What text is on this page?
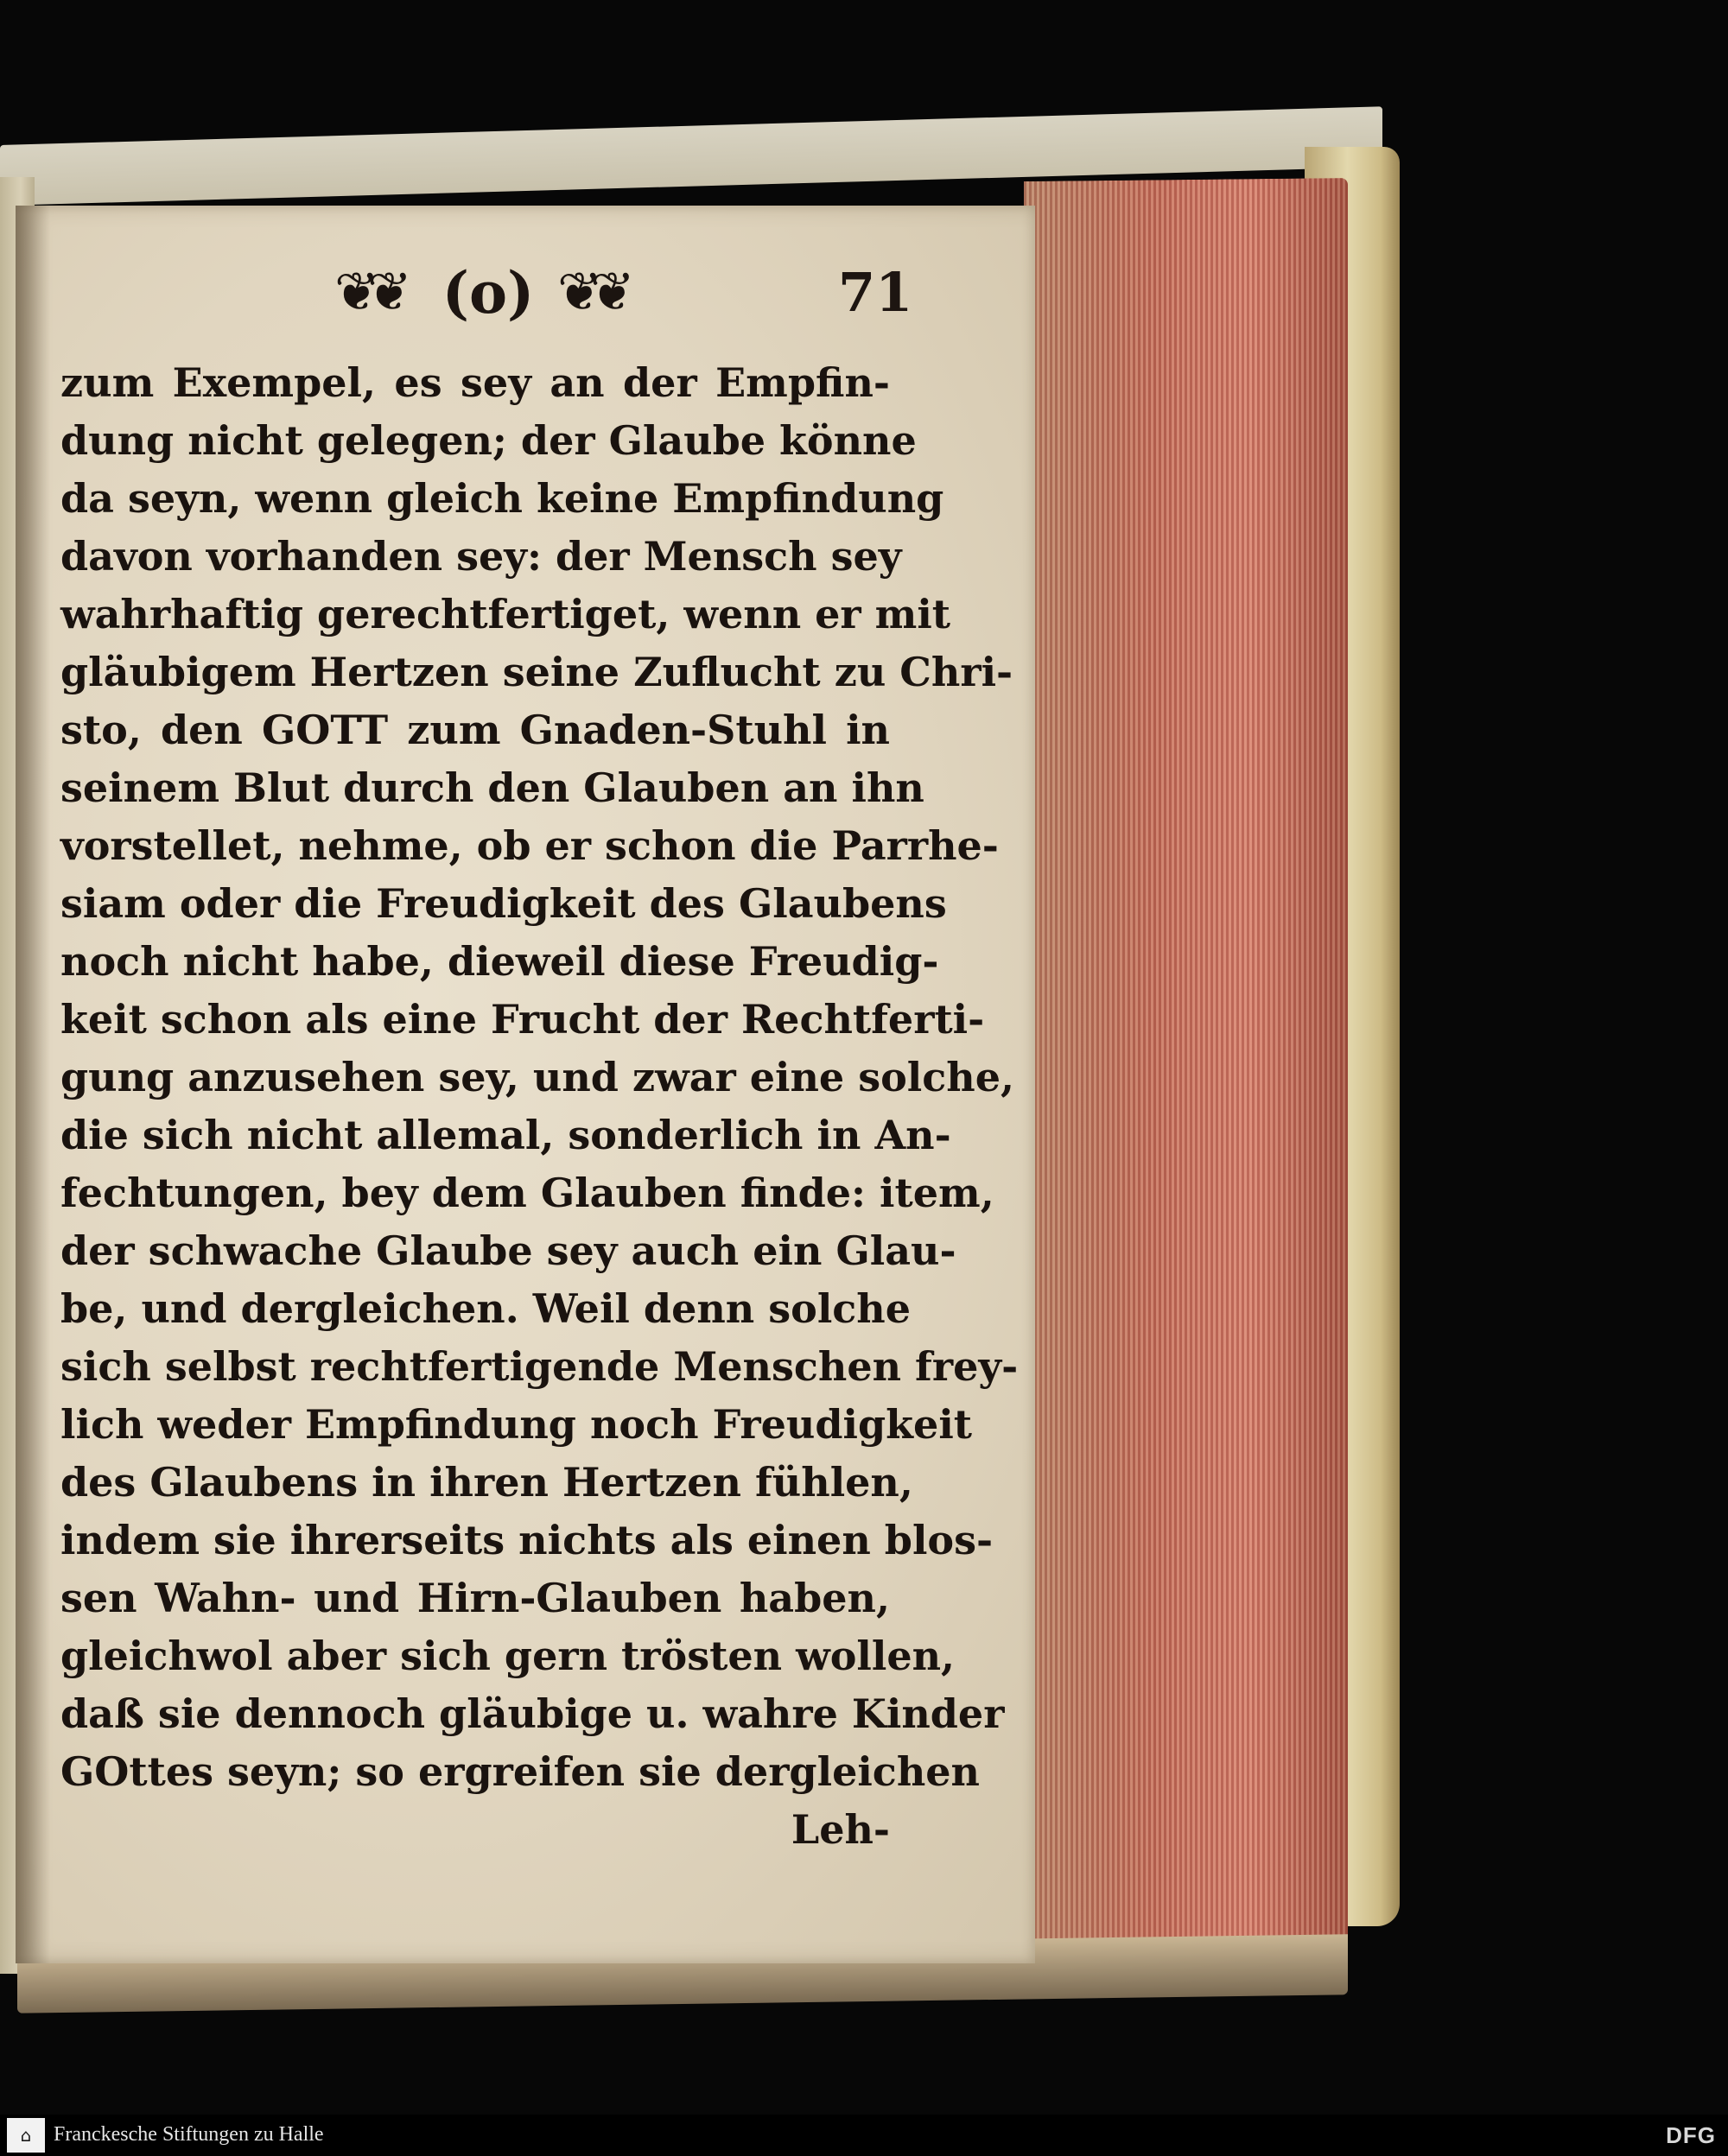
❦❦ (o) ❦❦	71
zum Exempel, es sey an der Empfin-
dung nicht gelegen; der Glaube könne
da seyn, wenn gleich keine Empfindung
davon vorhanden sey: der Mensch sey
wahrhaftig gerechtfertiget, wenn er mit
gläubigem Hertzen seine Zuflucht zu Chri-
sto, den GOTT zum Gnaden-Stuhl in
seinem Blut durch den Glauben an ihn
vorstellet, nehme, ob er schon die Parrhe-
siam oder die Freudigkeit des Glaubens
noch nicht habe, dieweil diese Freudig-
keit schon als eine Frucht der Rechtferti-
gung anzusehen sey, und zwar eine solche,
die sich nicht allemal, sonderlich in An-
fechtungen, bey dem Glauben finde: item,
der schwache Glaube sey auch ein Glau-
be, und dergleichen. Weil denn solche
sich selbst rechtfertigende Menschen frey-
lich weder Empfindung noch Freudigkeit
des Glaubens in ihren Hertzen fühlen,
indem sie ihrerseits nichts als einen blos-
sen Wahn- und Hirn-Glauben haben,
gleichwol aber sich gern trösten wollen,
daß sie dennoch gläubige u. wahre Kinder
GOttes seyn; so ergreifen sie dergleichen
Leh-
⌂	Franckesche Stiftungen zu Halle	DFG
